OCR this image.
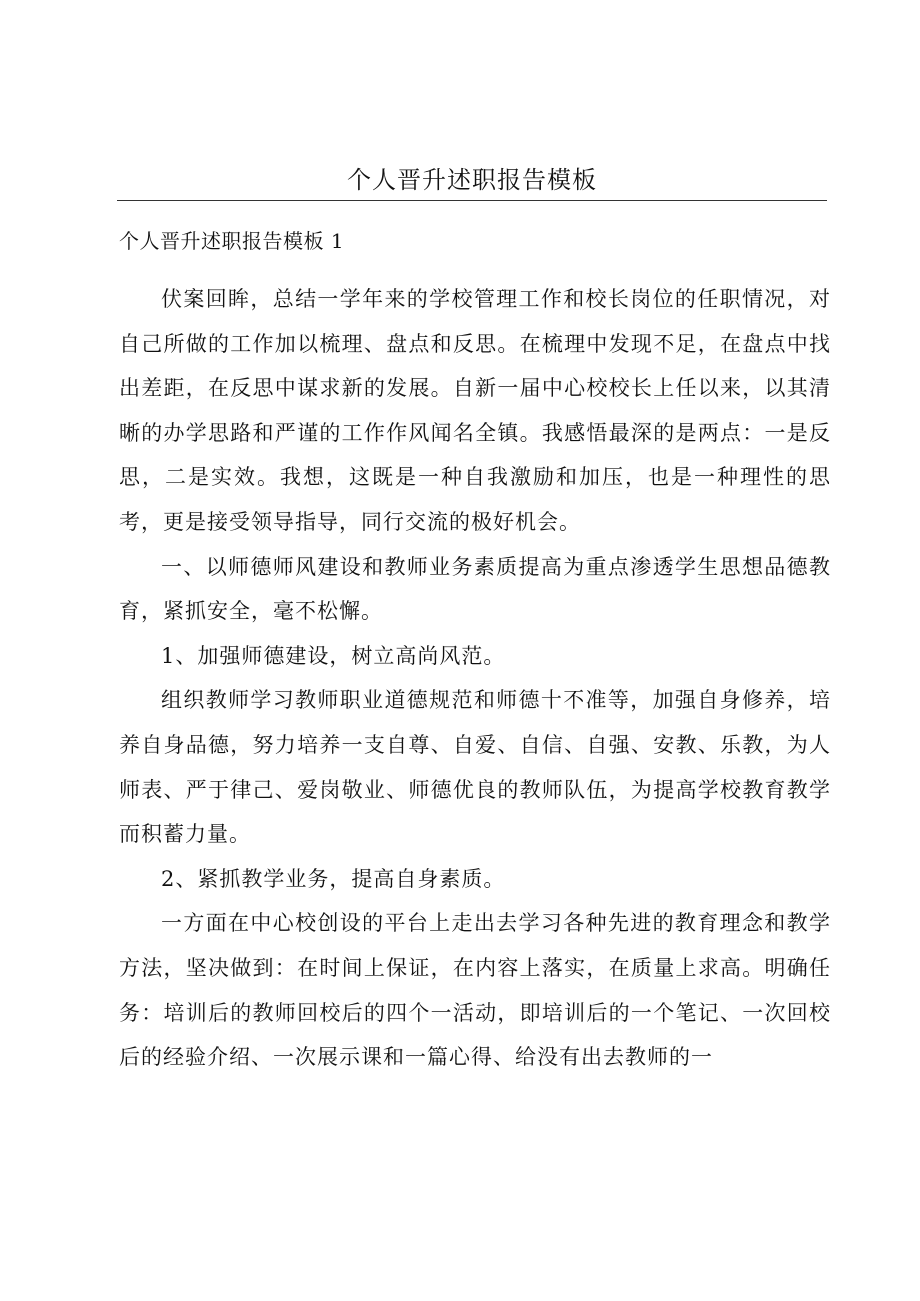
个人晋升述职报告模板

个人晋升述职报告模板 1

伏案回眸，总结一学年来的学校管理工作和校长岗位的任职情况，对自己所做的工作加以梳理、盘点和反思。在梳理中发现不足，在盘点中找出差距，在反思中谋求新的发展。自新一届中心校校长上任以来，以其清晰的办学思路和严谨的工作作风闻名全镇。我感悟最深的是两点：一是反思，二是实效。我想，这既是一种自我激励和加压，也是一种理性的思考，更是接受领导指导，同行交流的极好机会。

一、以师德师风建设和教师业务素质提高为重点渗透学生思想品德教育，紧抓安全，毫不松懈。

1、加强师德建设，树立高尚风范。

组织教师学习教师职业道德规范和师德十不准等，加强自身修养，培养自身品德，努力培养一支自尊、自爱、自信、自强、安教、乐教，为人师表、严于律己、爱岗敬业、师德优良的教师队伍，为提高学校教育教学而积蓄力量。

2、紧抓教学业务，提高自身素质。

一方面在中心校创设的平台上走出去学习各种先进的教育理念和教学方法，坚决做到：在时间上保证，在内容上落实，在质量上求高。明确任务：培训后的教师回校后的四个一活动，即培训后的一个笔记、一次回校后的经验介绍、一次展示课和一篇心得、给没有出去教师的一
